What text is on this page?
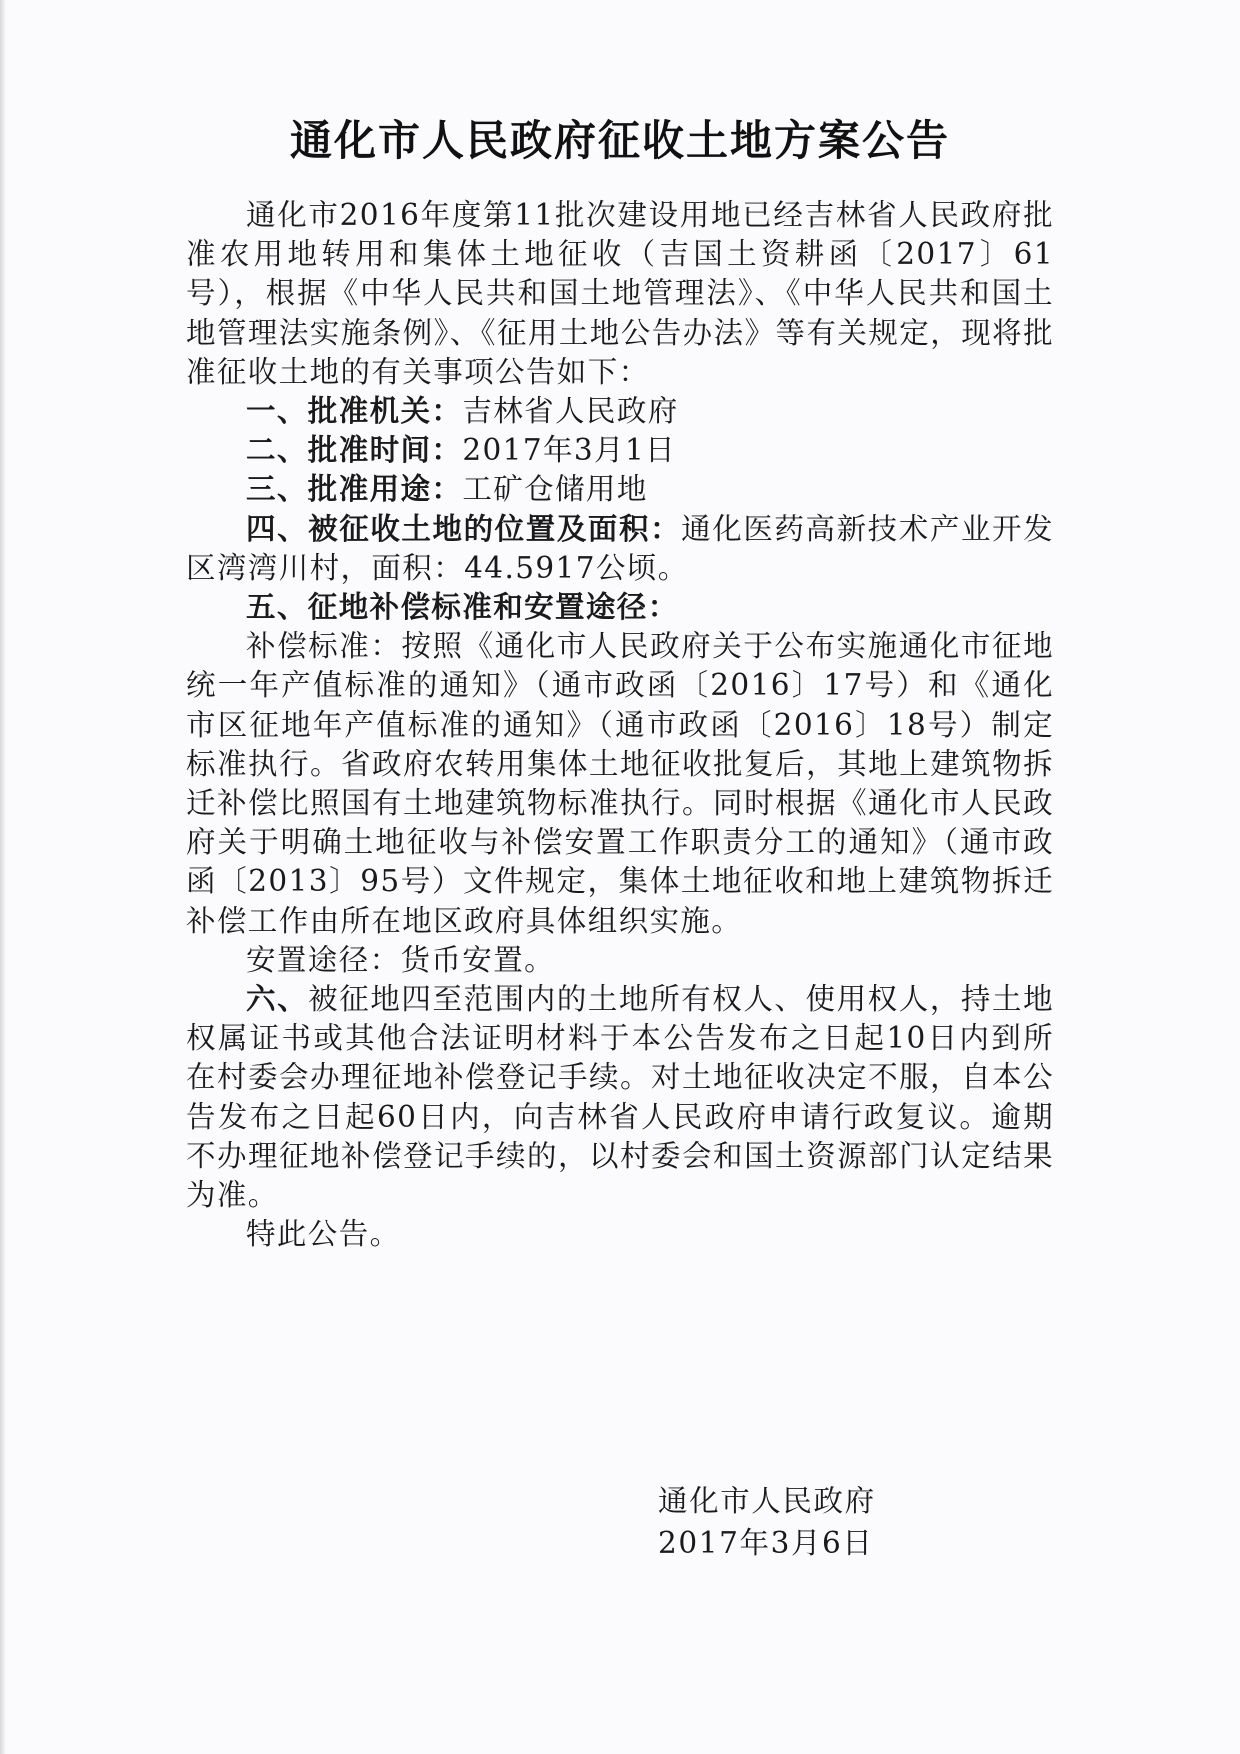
通化市人民政府征收土地方案公告

通化市2016年度第11批次建设用地已经吉林省人民政府批准农用地转用和集体土地征收（吉国土资耕函〔2017〕61号），根据《中华人民共和国土地管理法》、《中华人民共和国土地管理法实施条例》、《征用土地公告办法》等有关规定，现将批准征收土地的有关事项公告如下：

一、批准机关：吉林省人民政府

二、批准时间：2017年3月1日

三、批准用途：工矿仓储用地

四、被征收土地的位置及面积：通化医药高新技术产业开发区湾湾川村，面积：44.5917公顷。

五、征地补偿标准和安置途径：

补偿标准：按照《通化市人民政府关于公布实施通化市征地统一年产值标准的通知》（通市政函〔2016〕17号）和《通化市区征地年产值标准的通知》（通市政函〔2016〕18号）制定标准执行。省政府农转用集体土地征收批复后，其地上建筑物拆迁补偿比照国有土地建筑物标准执行。同时根据《通化市人民政府关于明确土地征收与补偿安置工作职责分工的通知》（通市政函〔2013〕95号）文件规定，集体土地征收和地上建筑物拆迁补偿工作由所在地区政府具体组织实施。

安置途径：货币安置。

六、被征地四至范围内的土地所有权人、使用权人，持土地权属证书或其他合法证明材料于本公告发布之日起10日内到所在村委会办理征地补偿登记手续。对土地征收决定不服，自本公告发布之日起60日内，向吉林省人民政府申请行政复议。逾期不办理征地补偿登记手续的，以村委会和国土资源部门认定结果为准。

特此公告。

通化市人民政府
2017年3月6日
